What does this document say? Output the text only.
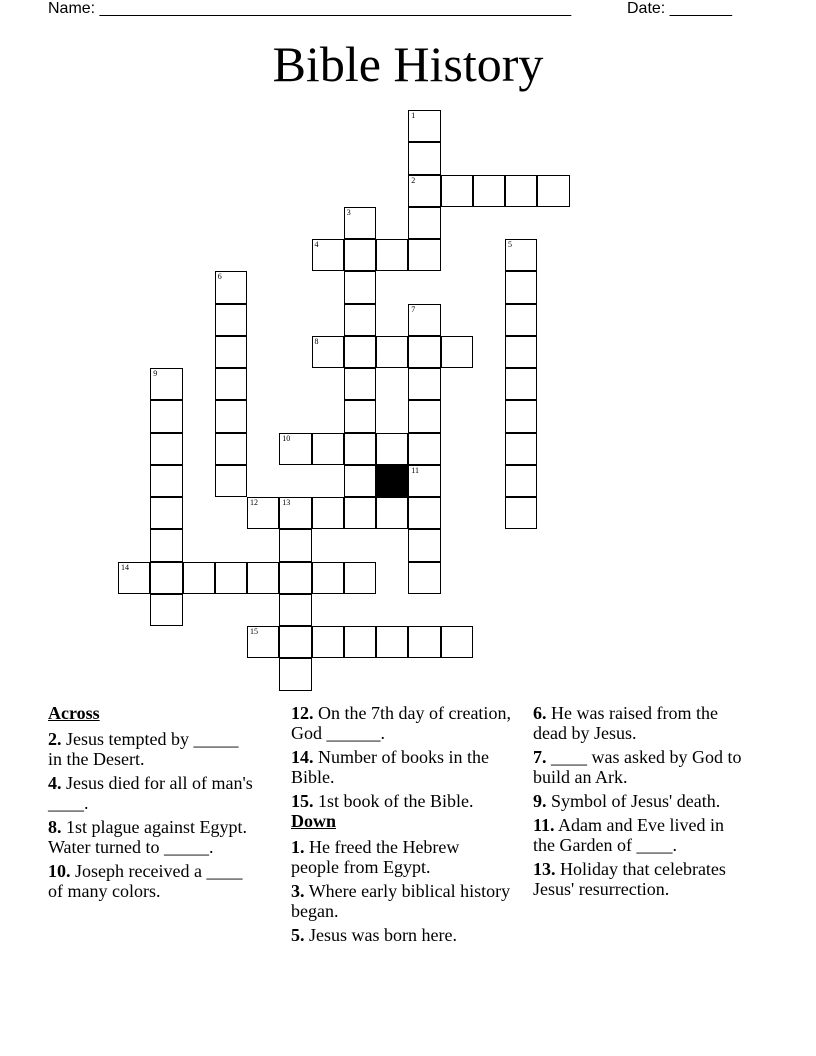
Name: _____________________________________________________	Date: _______
Bible History
1
2
3
4	5
6
7
11
8
9
10
12	13
14
15
Across
2. Jesus tempted by _____ in the Desert.
4. Jesus died for all of man's ____.
8. 1st plague against Egypt. Water turned to _____.
10. Joseph received a ____ of many colors.
12. On the 7th day of creation, God ______.
14. Number of books in the Bible.
15. 1st book of the Bible.
Down
1. He freed the Hebrew people from Egypt.
3. Where early biblical history began.
5. Jesus was born here.
6. He was raised from the dead by Jesus.
7. ____ was asked by God to build an Ark.
9. Symbol of Jesus' death.
11. Adam and Eve lived in the Garden of ____.
13. Holiday that celebrates Jesus' resurrection.
